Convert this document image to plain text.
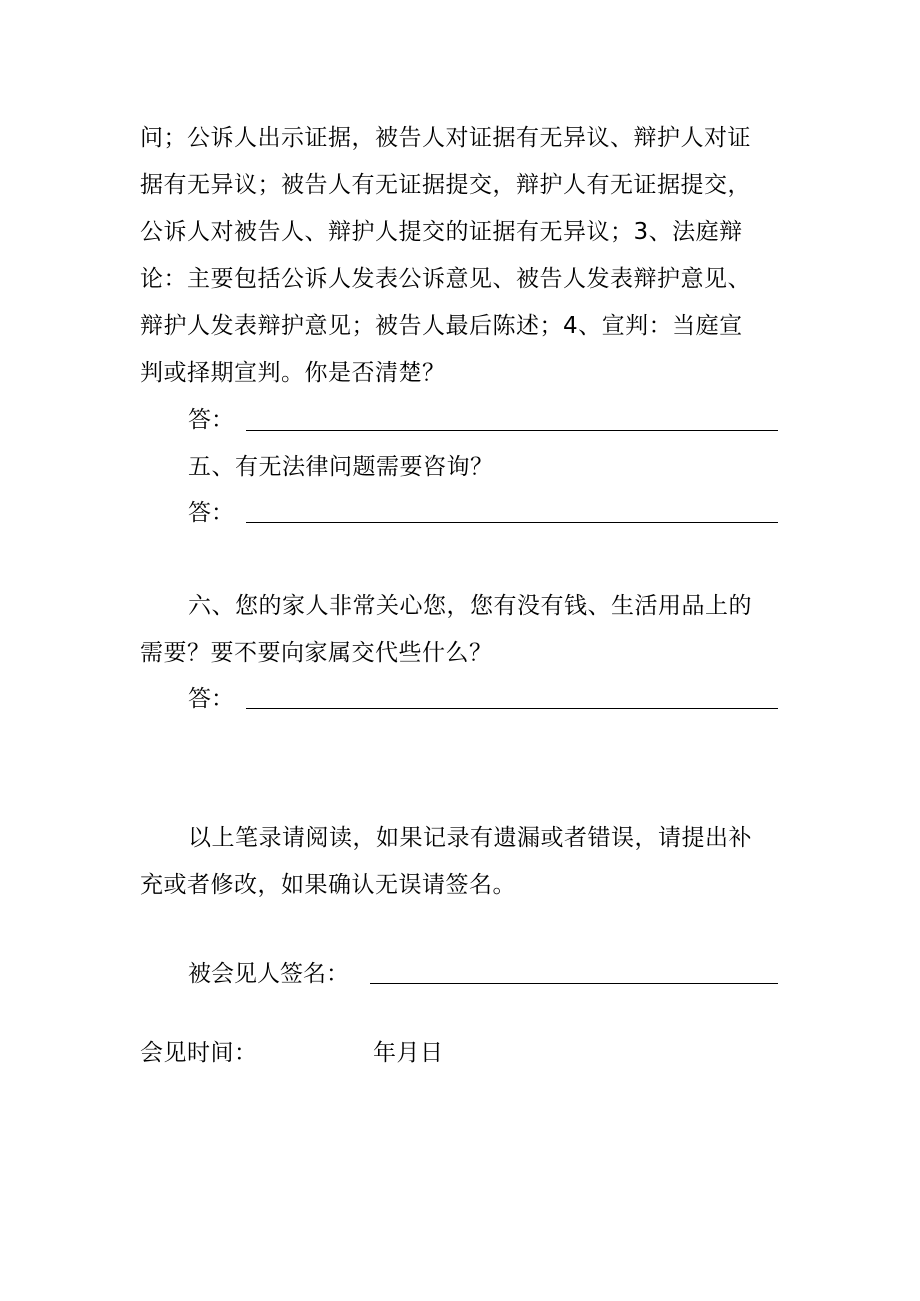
问；公诉人出示证据，被告人对证据有无异议、辩护人对证
据有无异议；被告人有无证据提交，辩护人有无证据提交，
公诉人对被告人、辩护人提交的证据有无异议；3、法庭辩
论：主要包括公诉人发表公诉意见、被告人发表辩护意见、
辩护人发表辩护意见；被告人最后陈述；4、宣判：当庭宣
判或择期宣判。你是否清楚？
答：
五、有无法律问题需要咨询？
答：
六、您的家人非常关心您，您有没有钱、生活用品上的
需要？要不要向家属交代些什么？
答：
以上笔录请阅读，如果记录有遗漏或者错误，请提出补
充或者修改，如果确认无误请签名。
被会见人签名：
会见时间：	年月日
